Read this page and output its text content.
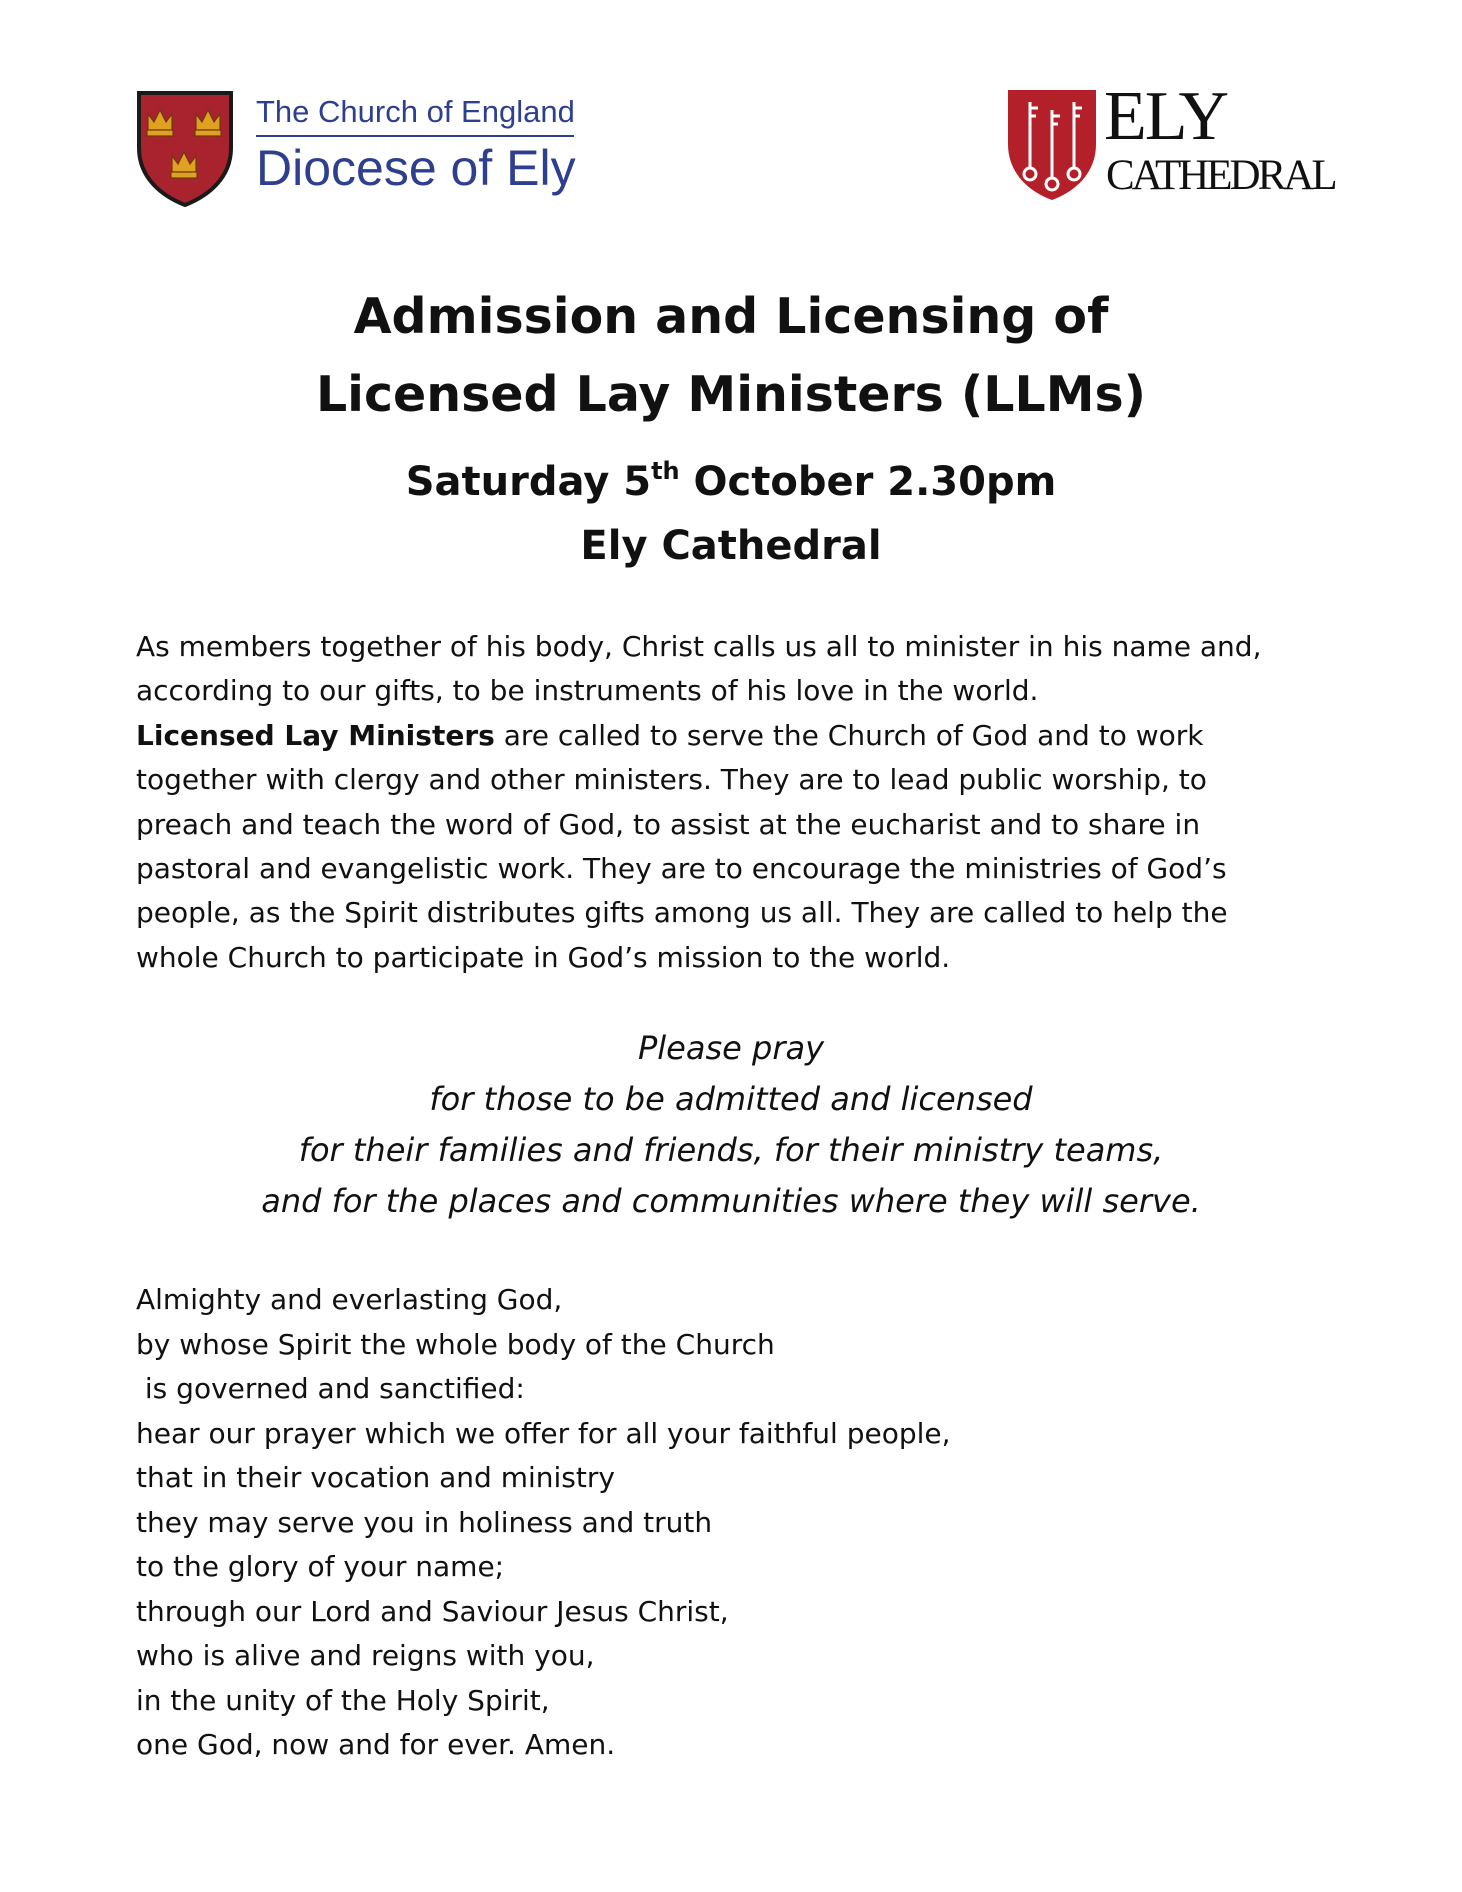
The Church of England
Diocese of Ely
ELY
CATHEDRAL
Admission and Licensing of
Licensed Lay Ministers (LLMs)
Saturday 5th October 2.30pm
Ely Cathedral
As members together of his body, Christ calls us all to minister in his name and,
according to our gifts, to be instruments of his love in the world.
Licensed Lay Ministers are called to serve the Church of God and to work
together with clergy and other ministers. They are to lead public worship, to
preach and teach the word of God, to assist at the eucharist and to share in
pastoral and evangelistic work. They are to encourage the ministries of God’s
people, as the Spirit distributes gifts among us all. They are called to help the
whole Church to participate in God’s mission to the world.
Please pray
for those to be admitted and licensed
for their families and friends, for their ministry teams,
and for the places and communities where they will serve.
Almighty and everlasting God,
by whose Spirit the whole body of the Church
is governed and sanctified:
hear our prayer which we offer for all your faithful people,
that in their vocation and ministry
they may serve you in holiness and truth
to the glory of your name;
through our Lord and Saviour Jesus Christ,
who is alive and reigns with you,
in the unity of the Holy Spirit,
one God, now and for ever. Amen.
